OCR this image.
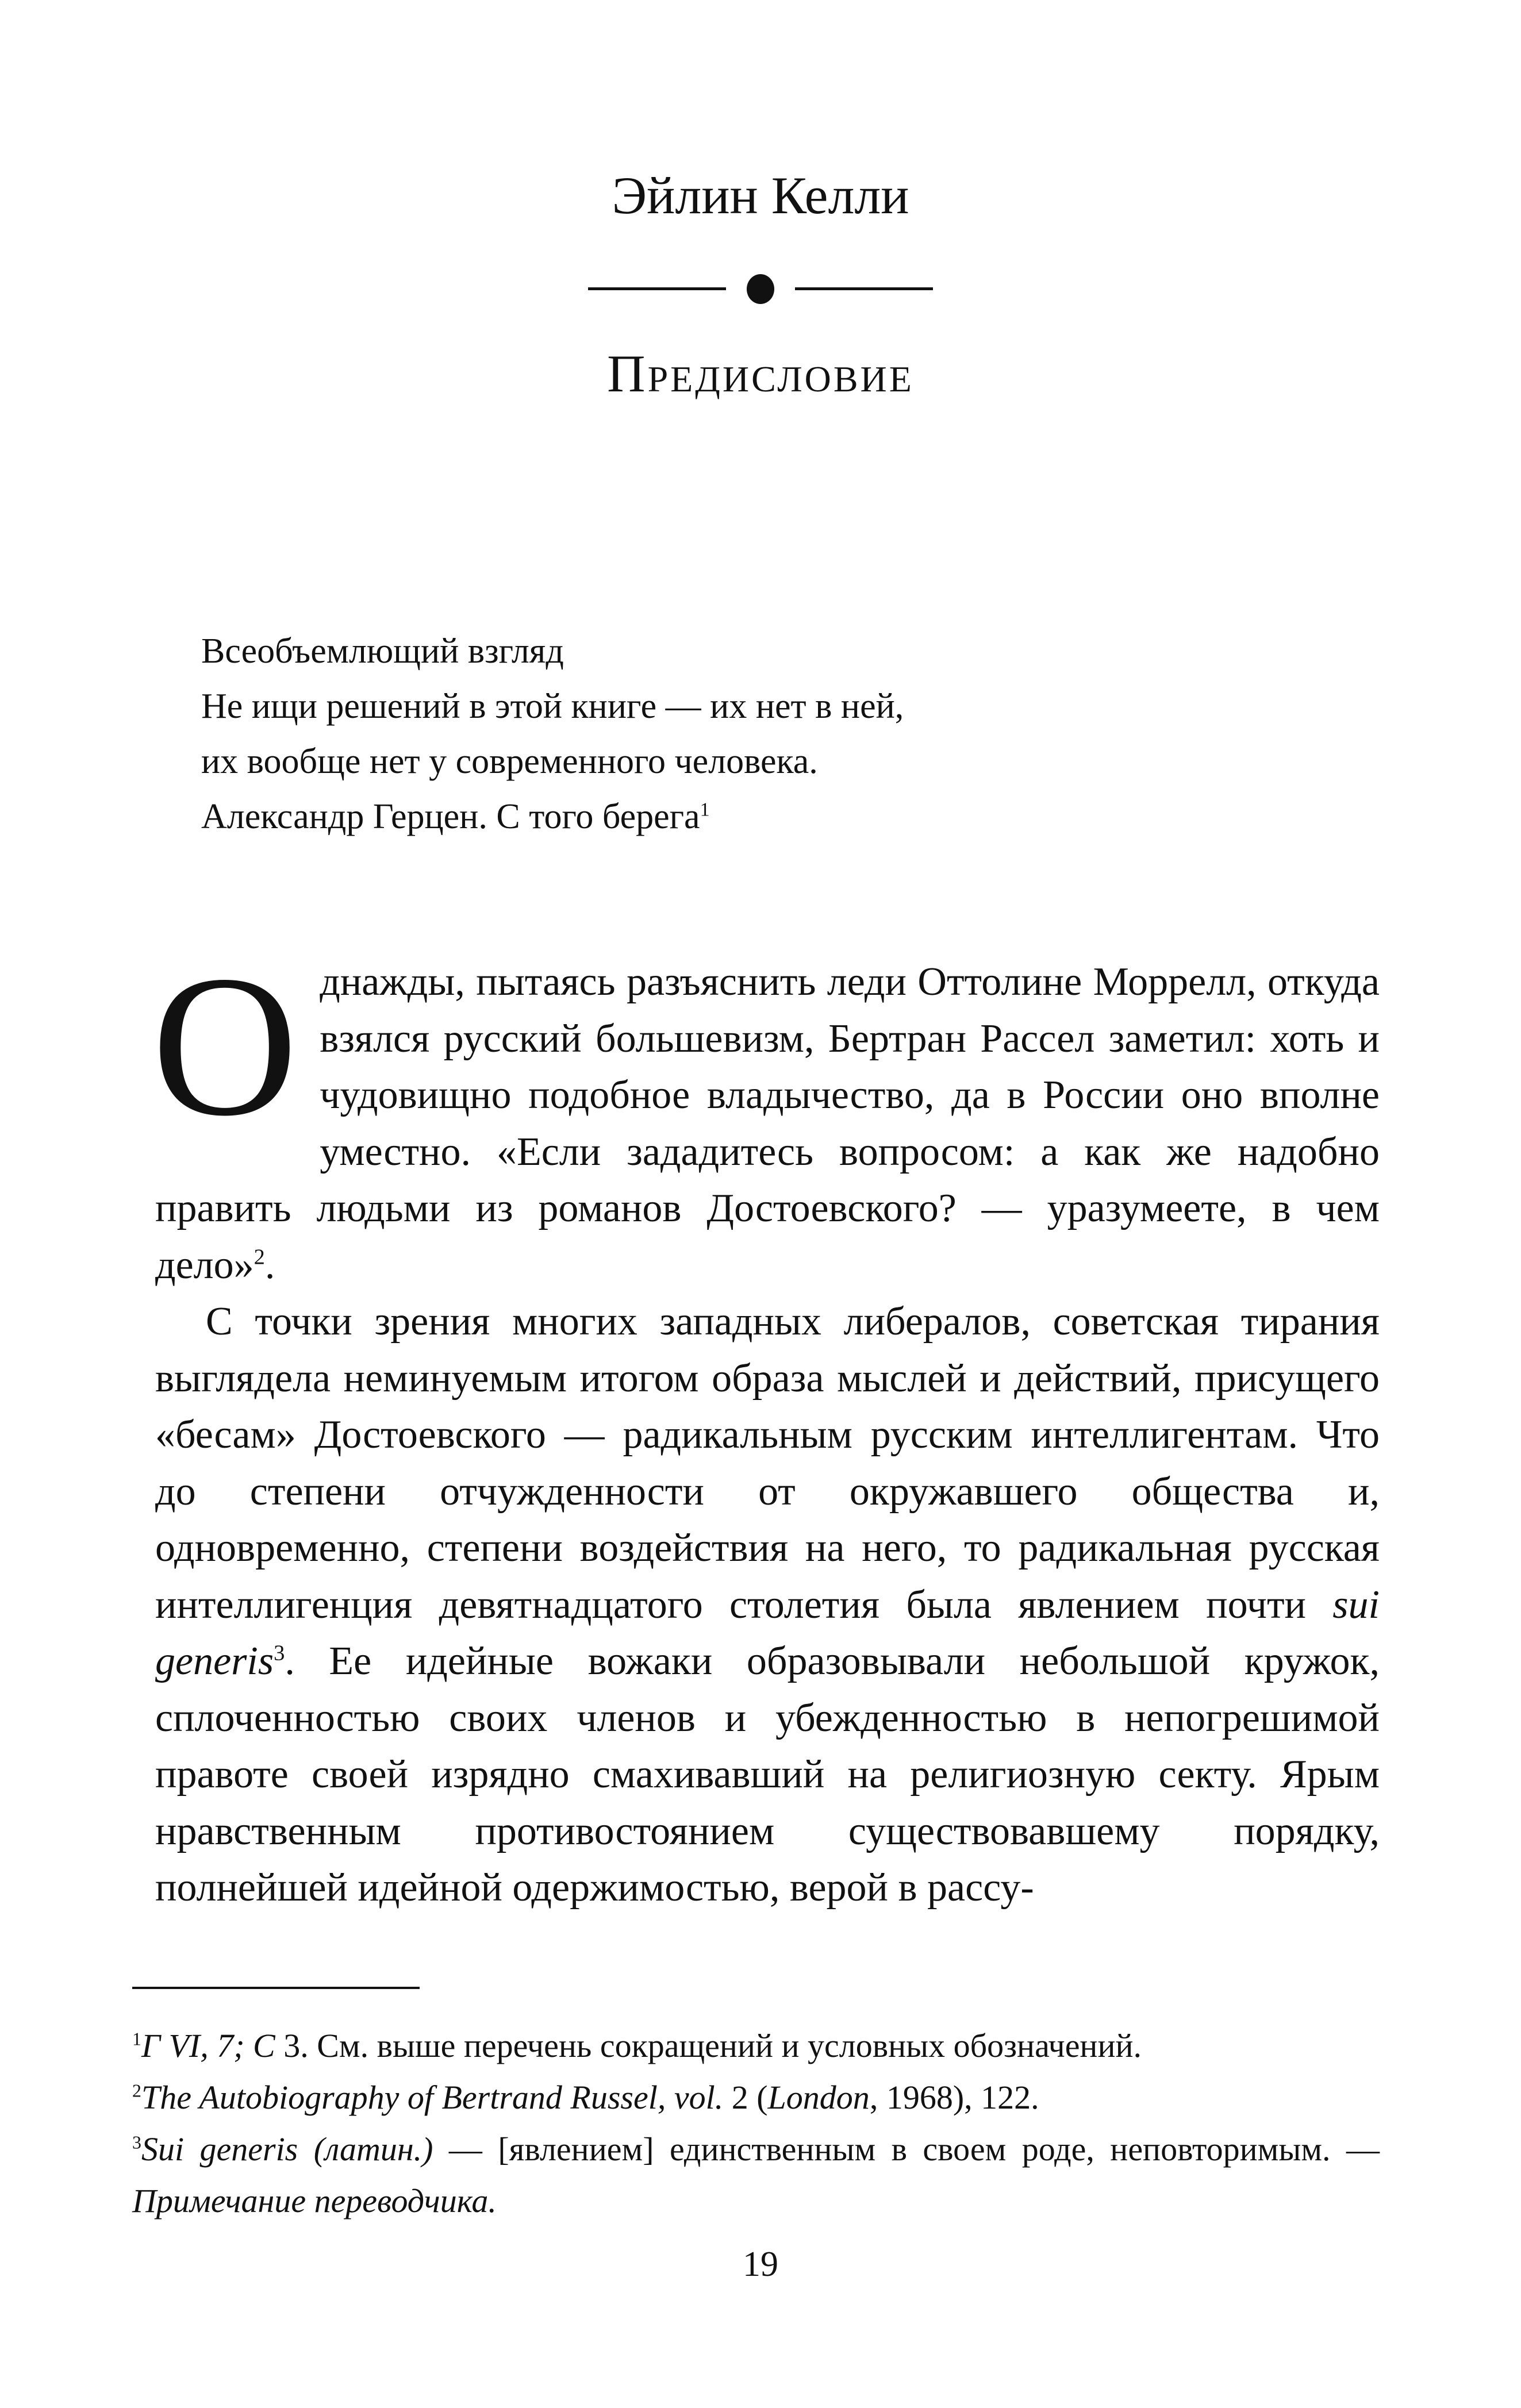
Эйлин Келли
Предисловие
Всеобъемлющий взгляд
Не ищи решений в этой книге — их нет в ней,
их вообще нет у современного человека.
Александр Герцен. С того берега$^1$

Однажды, пытаясь разъяснить леди Оттолине Моррелл, откуда взялся русский большевизм, Бертран Рассел заметил: хоть и чудовищно подобное владычество, да в России оно вполне уместно. «Если зададитесь вопросом: а как же надобно править людьми из романов Достоевского? — уразумеете, в чем дело»$^2$.

С точки зрения многих западных либералов, советская тирания выглядела неминуемым итогом образа мыслей и действий, присущего «бесам» Достоевского — радикальным русским интеллигентам. Что до степени отчужденности от окружавшего общества и, одновременно, степени воздействия на него, то радикальная русская интеллигенция девятнадцатого столетия была явлением почти sui generis$^3$. Ее идейные вожаки образовывали небольшой кружок, сплоченностью своих членов и убежденностью в непогрешимой правоте своей изрядно смахивавший на религиозную секту. Ярым нравственным противостоянием существовавшему порядку, полнейшей идейной одержимостью, верой в рассу-

$^1$Г VI, 7; С 3. См. выше перечень сокращений и условных обозначений.

$^2$The Autobiography of Bertrand Russel, vol. 2 (London, 1968), 122.

$^3$Sui generis (латин.) — [явлением] единственным в своем роде, неповторимым. — Примечание переводчика.

19
